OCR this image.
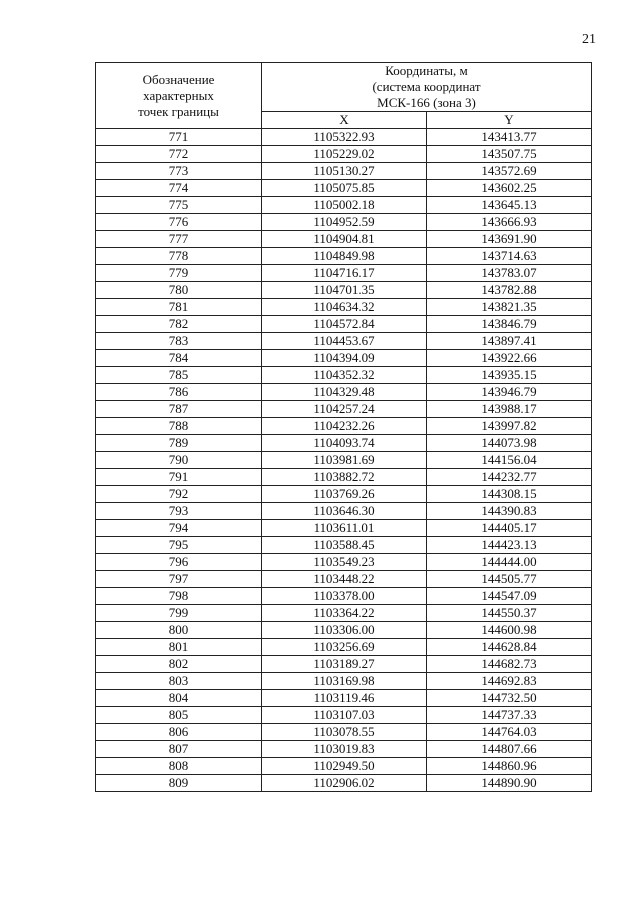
21
Обозначение
характерных
точек границы	Координаты, м
(система координат
МСК-166 (зона 3)	

	X	Y
771	1105322.93	143413.77
772	1105229.02	143507.75
773	1105130.27	143572.69
774	1105075.85	143602.25
775	1105002.18	143645.13
776	1104952.59	143666.93
777	1104904.81	143691.90
778	1104849.98	143714.63
779	1104716.17	143783.07
780	1104701.35	143782.88
781	1104634.32	143821.35
782	1104572.84	143846.79
783	1104453.67	143897.41
784	1104394.09	143922.66
785	1104352.32	143935.15
786	1104329.48	143946.79
787	1104257.24	143988.17
788	1104232.26	143997.82
789	1104093.74	144073.98
790	1103981.69	144156.04
791	1103882.72	144232.77
792	1103769.26	144308.15
793	1103646.30	144390.83
794	1103611.01	144405.17
795	1103588.45	144423.13
796	1103549.23	144444.00
797	1103448.22	144505.77
798	1103378.00	144547.09
799	1103364.22	144550.37
800	1103306.00	144600.98
801	1103256.69	144628.84
802	1103189.27	144682.73
803	1103169.98	144692.83
804	1103119.46	144732.50
805	1103107.03	144737.33
806	1103078.55	144764.03
807	1103019.83	144807.66
808	1102949.50	144860.96
809	1102906.02	144890.90
